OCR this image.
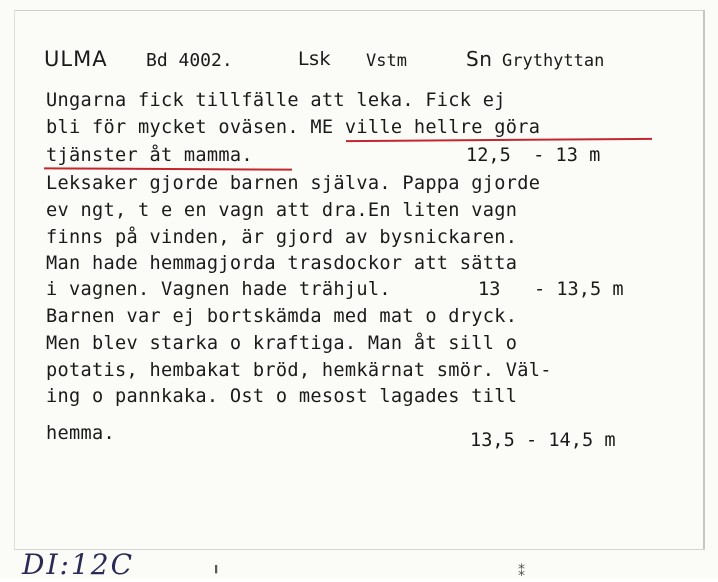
ULMA Bd 4002.	Lsk Vstm	Sn Grythyttan
Ungarna fick tillfälle att leka. Fick ej
bli för mycket oväsen. ME ville hellre göra
tjänster åt mamma.
Leksaker gjorde barnen själva. Pappa gjorde
ev ngt, t e en vagn att dra.En liten vagn
finns på vinden, är gjord av bysnickaren.
Man hade hemmagjorda trasdockor att sätta
i vagnen. Vagnen hade trähjul.
Barnen var ej bortskämda med mat o dryck.
Men blev starka o kraftiga. Man åt sill o
potatis, hembakat bröd, hemkärnat smör. Väl-
ing o pannkaka. Ost o mesost lagades till
hemma.
12,5  - 13 m
13   - 13,5 m
13,5 - 14,5 m
DI:12C	╹	⁑
